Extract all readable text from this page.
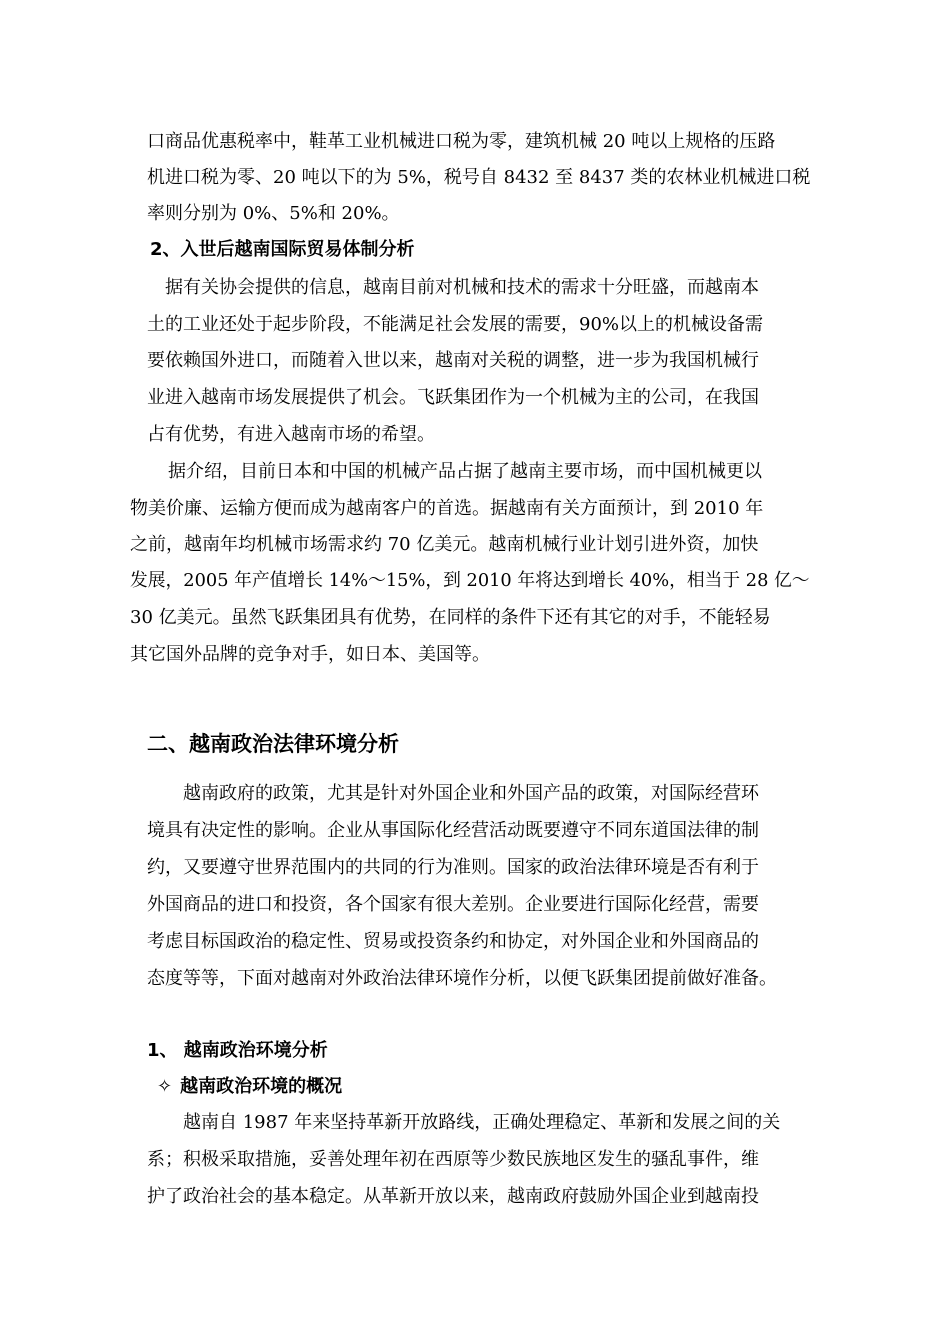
口商品优惠税率中，鞋革工业机械进口税为零，建筑机械 20 吨以上规格的压路

机进口税为零、20 吨以下的为 5%，税号自 8432 至 8437 类的农林业机械进口税

率则分别为 0%、5%和 20%。

2、入世后越南国际贸易体制分析

据有关协会提供的信息，越南目前对机械和技术的需求十分旺盛，而越南本

土的工业还处于起步阶段，不能满足社会发展的需要，90%以上的机械设备需

要依赖国外进口，而随着入世以来，越南对关税的调整，进一步为我国机械行

业进入越南市场发展提供了机会。飞跃集团作为一个机械为主的公司，在我国

占有优势，有进入越南市场的希望。

据介绍，目前日本和中国的机械产品占据了越南主要市场，而中国机械更以

物美价廉、运输方便而成为越南客户的首选。据越南有关方面预计，到 2010 年

之前，越南年均机械市场需求约 70 亿美元。越南机械行业计划引进外资，加快

发展，2005 年产值增长 14%～15%，到 2010 年将达到增长 40%，相当于 28 亿～

30 亿美元。虽然飞跃集团具有优势，在同样的条件下还有其它的对手，不能轻易

其它国外品牌的竞争对手，如日本、美国等。

二、越南政治法律环境分析

越南政府的政策，尤其是针对外国企业和外国产品的政策，对国际经营环

境具有决定性的影响。企业从事国际化经营活动既要遵守不同东道国法律的制

约，又要遵守世界范围内的共同的行为准则。国家的政治法律环境是否有利于

外国商品的进口和投资，各个国家有很大差别。企业要进行国际化经营，需要

考虑目标国政治的稳定性、贸易或投资条约和协定，对外国企业和外国商品的

态度等等，下面对越南对外政治法律环境作分析，以便飞跃集团提前做好准备。

1、 越南政治环境分析

✧ 越南政治环境的概况

越南自 1987 年来坚持革新开放路线，正确处理稳定、革新和发展之间的关

系；积极采取措施，妥善处理年初在西原等少数民族地区发生的骚乱事件，维

护了政治社会的基本稳定。从革新开放以来，越南政府鼓励外国企业到越南投
